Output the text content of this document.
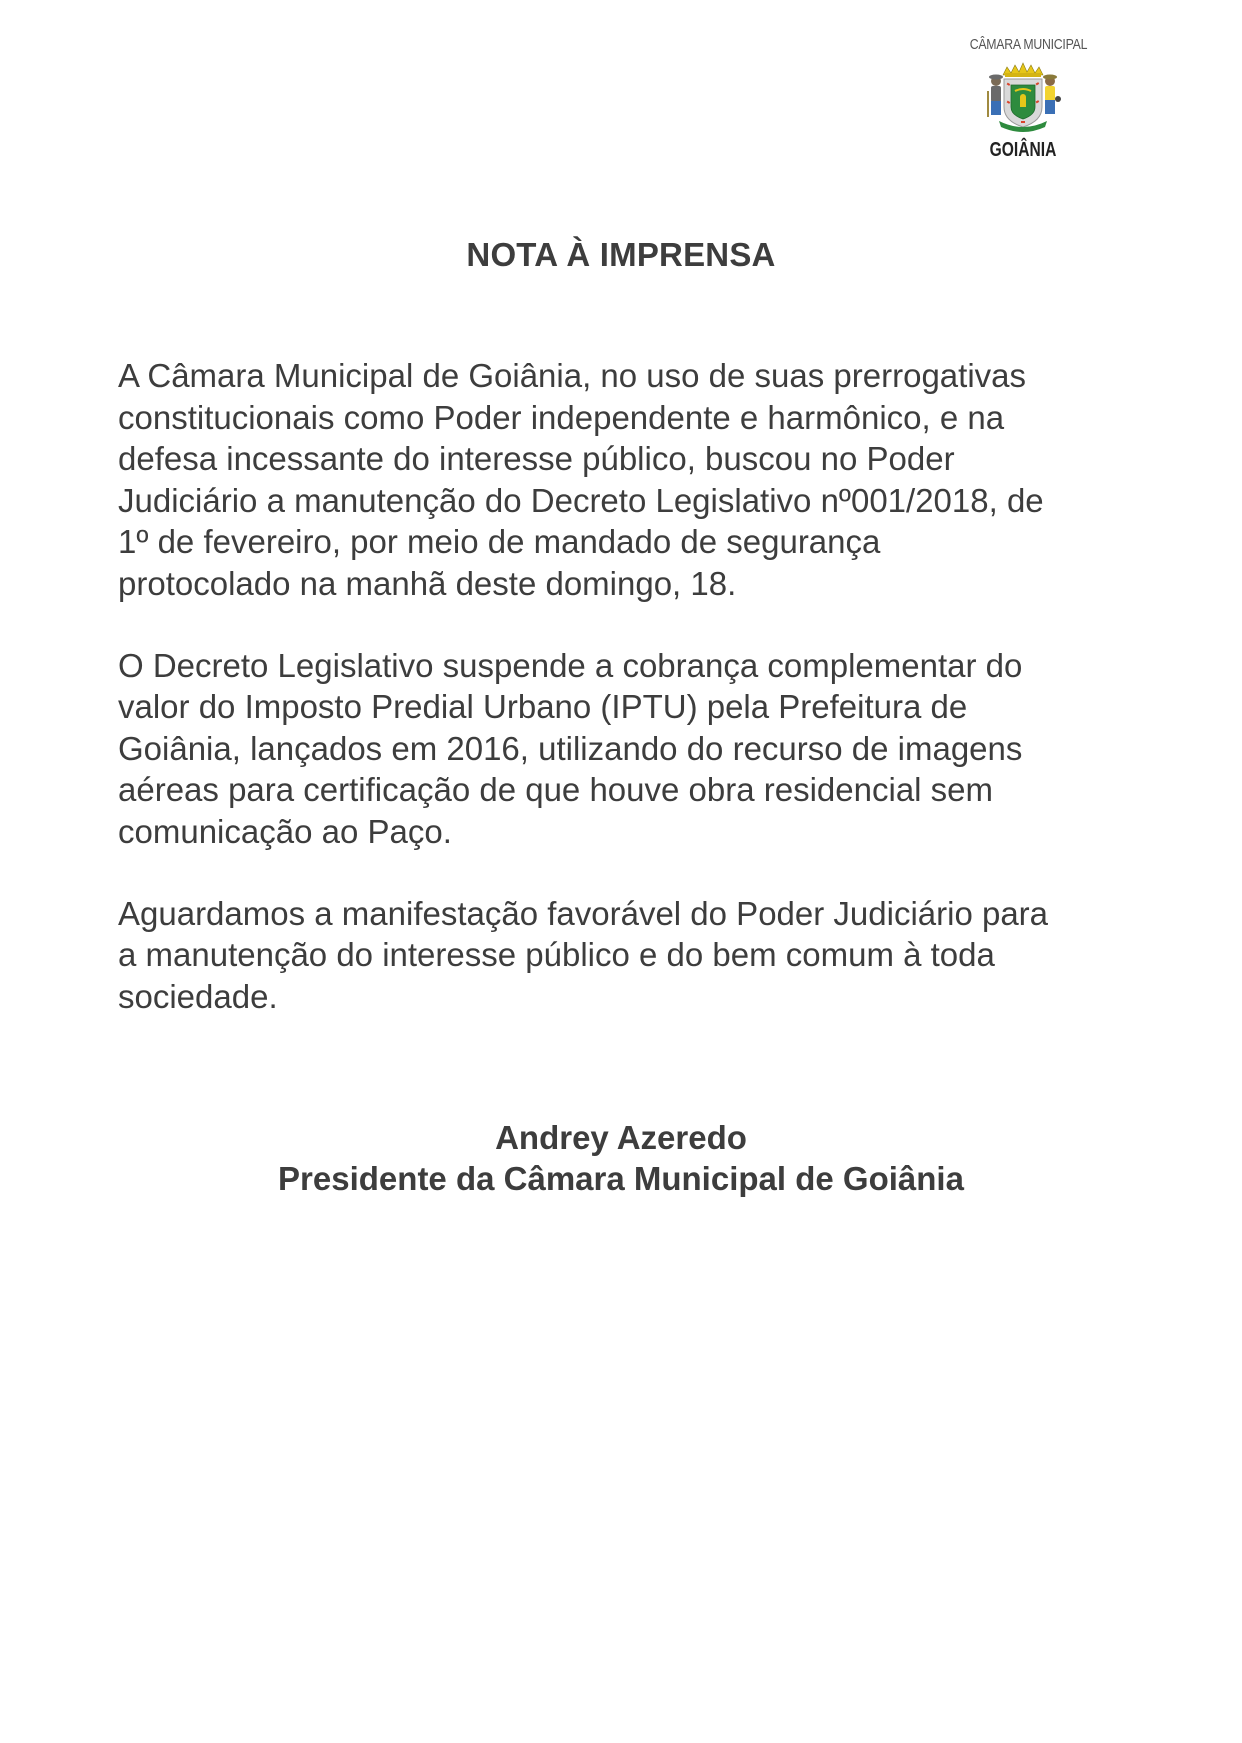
CÂMARA MUNICIPAL
GOIÂNIA
NOTA À IMPRENSA

A Câmara Municipal de Goiânia, no uso de suas prerrogativas
constitucionais como Poder independente e harmônico, e na
defesa incessante do interesse público, buscou no Poder
Judiciário a manutenção do Decreto Legislativo nº001/2018, de
1º de fevereiro, por meio de mandado de segurança
protocolado na manhã deste domingo, 18.

O Decreto Legislativo suspende a cobrança complementar do
valor do Imposto Predial Urbano (IPTU) pela Prefeitura de
Goiânia, lançados em 2016, utilizando do recurso de imagens
aéreas para certificação de que houve obra residencial sem
comunicação ao Paço.

Aguardamos a manifestação favorável do Poder Judiciário para
a manutenção do interesse público e do bem comum à toda
sociedade.

Andrey Azeredo
Presidente da Câmara Municipal de Goiânia
